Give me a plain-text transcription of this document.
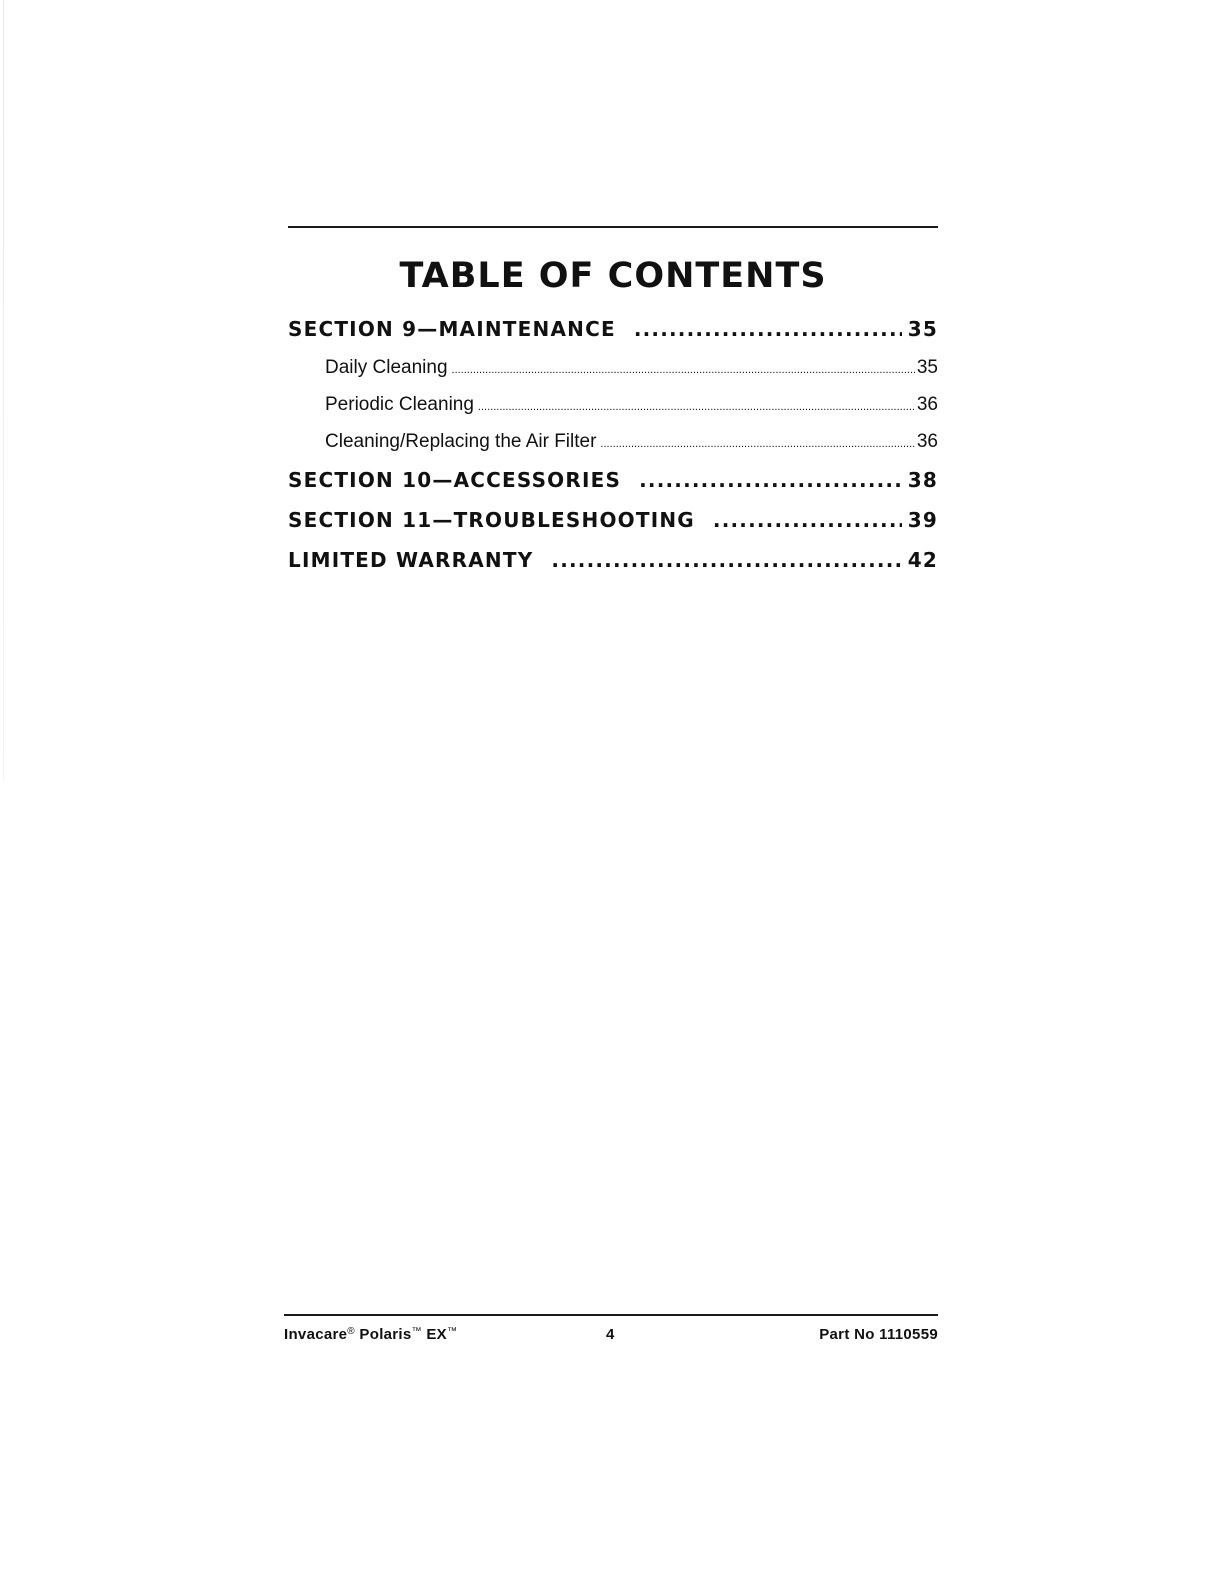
TABLE OF CONTENTS
SECTION 9—MAINTENANCE .....	35
Daily Cleaning .....	35
Periodic Cleaning .....	36
Cleaning/Replacing the Air Filter .....	36
SECTION 10—ACCESSORIES .....	38
SECTION 11—TROUBLESHOOTING .....	39
LIMITED WARRANTY .....	42
Invacare® Polaris™ EX™	4	Part No 1110559
